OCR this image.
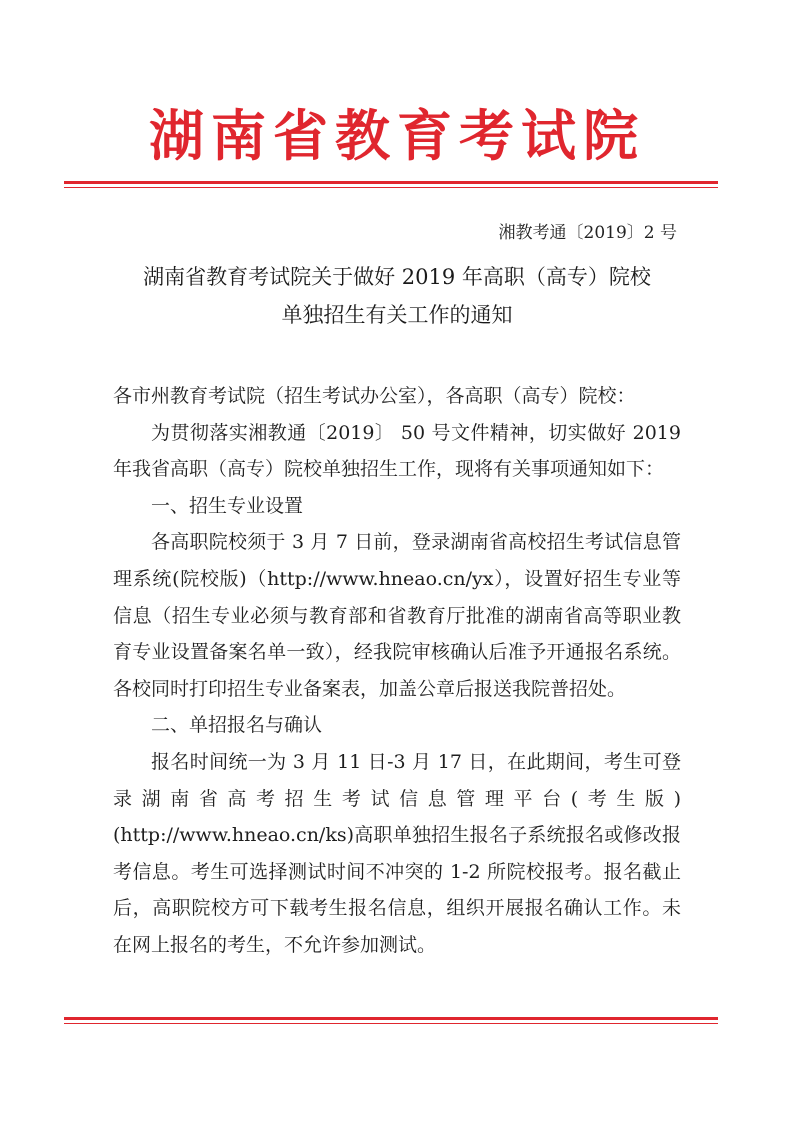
湖南省教育考试院
湘教考通〔2019〕2 号
湖南省教育考试院关于做好 2019 年高职（高专）院校
单独招生有关工作的通知

各市州教育考试院（招生考试办公室），各高职（高专）院校：

为贯彻落实湘教通〔2019〕 50 号文件精神，切实做好 2019 年我省高职（高专）院校单独招生工作，现将有关事项通知如下：

一、招生专业设置

各高职院校须于 3 月 7 日前，登录湖南省高校招生考试信息管理系统(院校版)（http://www.hneao.cn/yx），设置好招生专业等信息（招生专业必须与教育部和省教育厅批准的湖南省高等职业教育专业设置备案名单一致），经我院审核确认后准予开通报名系统。各校同时打印招生专业备案表，加盖公章后报送我院普招处。

二、单招报名与确认

报名时间统一为 3 月 11 日-3 月 17 日，在此期间，考生可登录湖南省高考招生考试信息管理平台(考生版)(http://www.hneao.cn/ks)高职单独招生报名子系统报名或修改报考信息。考生可选择测试时间不冲突的 1-2 所院校报考。报名截止后，高职院校方可下载考生报名信息，组织开展报名确认工作。未在网上报名的考生，不允许参加测试。
